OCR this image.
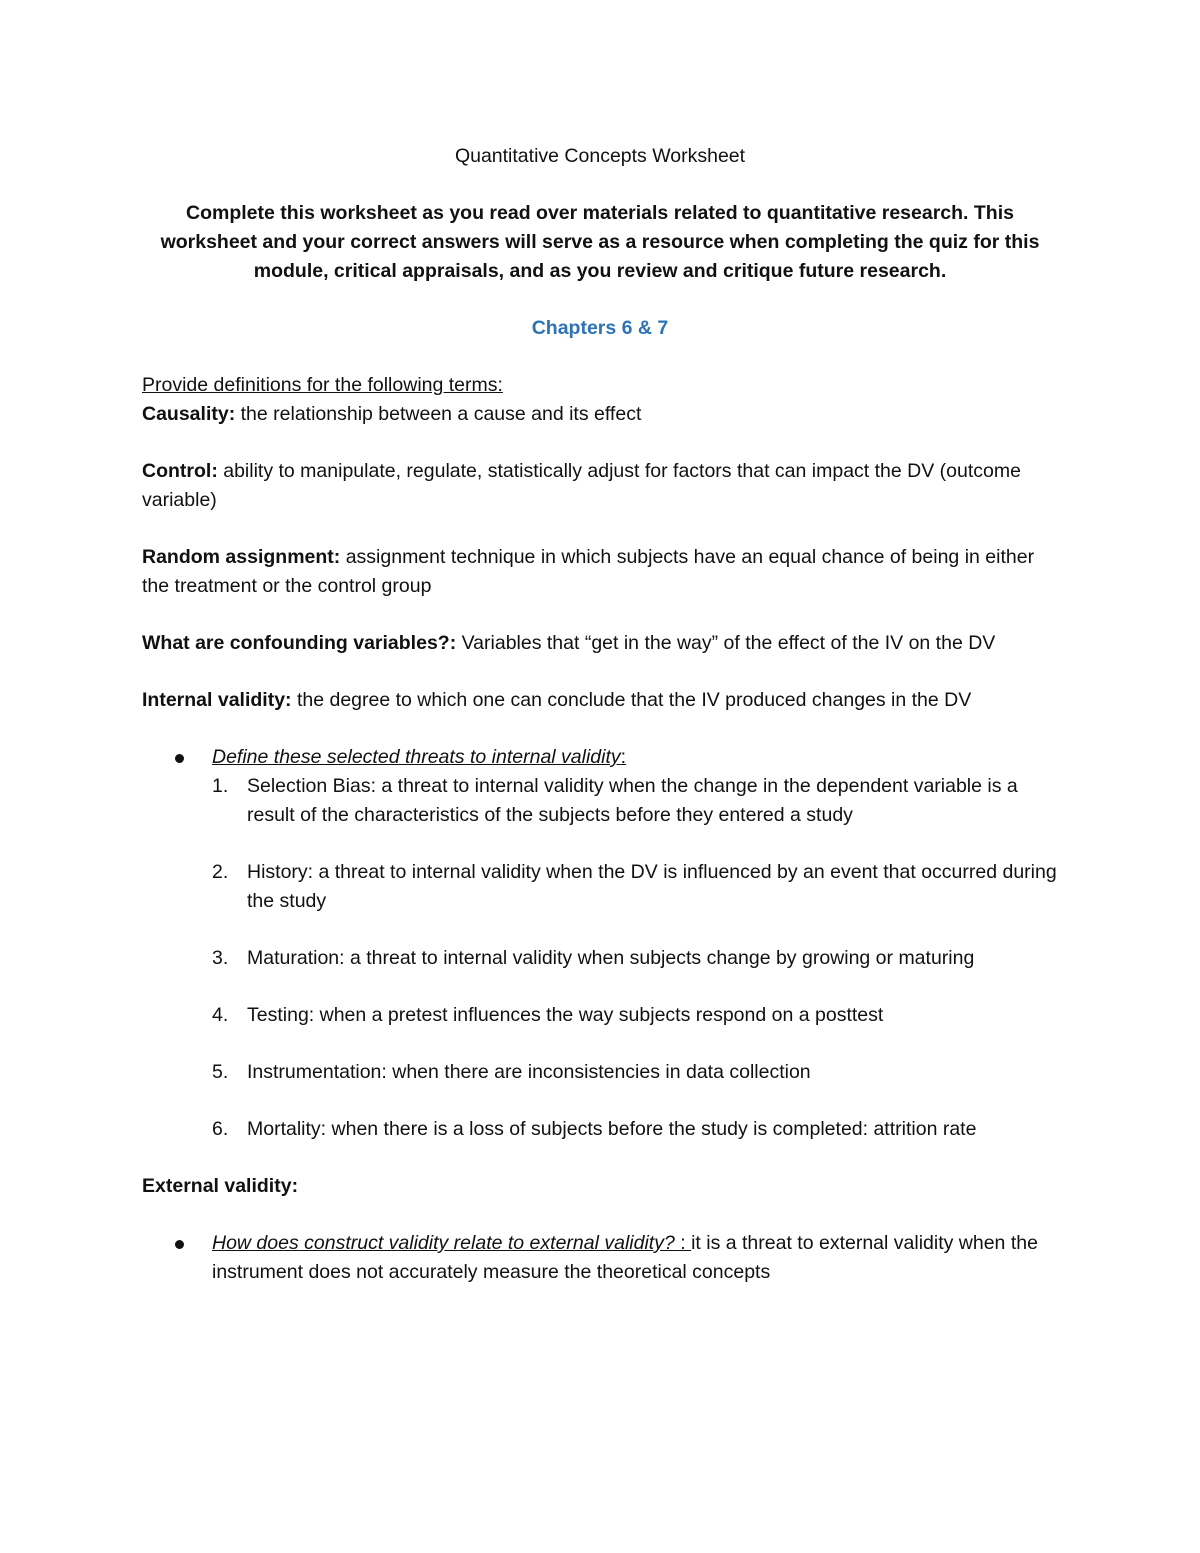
Quantitative Concepts Worksheet

Complete this worksheet as you read over materials related to quantitative research. This worksheet and your correct answers will serve as a resource when completing the quiz for this module, critical appraisals, and as you review and critique future research.

Chapters 6 & 7

Provide definitions for the following terms:

Causality: the relationship between a cause and its effect

Control: ability to manipulate, regulate, statistically adjust for factors that can impact the DV (outcome variable)

Random assignment: assignment technique in which subjects have an equal chance of being in either the treatment or the control group

What are confounding variables?: Variables that “get in the way” of the effect of the IV on the DV

Internal validity: the degree to which one can conclude that the IV produced changes in the DV

Define these selected threats to internal validity:
1. Selection Bias: a threat to internal validity when the change in the dependent variable is a result of the characteristics of the subjects before they entered a study
2. History: a threat to internal validity when the DV is influenced by an event that occurred during the study
3. Maturation: a threat to internal validity when subjects change by growing or maturing
4. Testing: when a pretest influences the way subjects respond on a posttest
5. Instrumentation: when there are inconsistencies in data collection
6. Mortality: when there is a loss of subjects before the study is completed: attrition rate

External validity:

How does construct validity relate to external validity? : it is a threat to external validity when the instrument does not accurately measure the theoretical concepts
